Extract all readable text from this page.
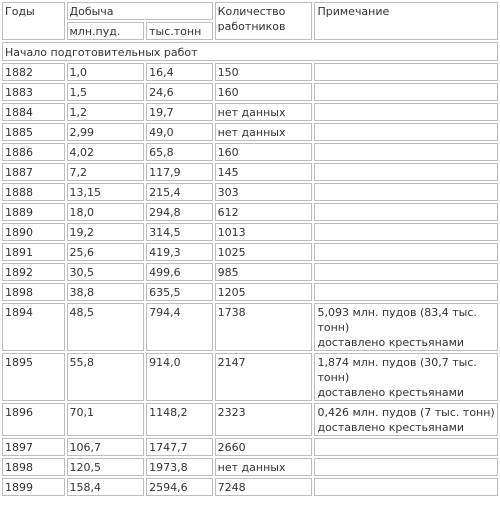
Годы	Добыча		Количество работников	Примечание
	млн.пуд.	тыс.тонн		
Начало подготовительных работ				
1882	1,0	16,4	150	
1883	1,5	24,6	160	
1884	1,2	19,7	нет данных	
1885	2,99	49,0	нет данных	
1886	4,02	65,8	160	
1887	7,2	117,9	145	
1888	13,15	215,4	303	
1889	18,0	294,8	612	
1890	19,2	314,5	1013	
1891	25,6	419,3	1025	
1892	30,5	499,6	985	
1898	38,8	635,5	1205	
1894	48,5	794,4	1738	5,093 млн. пудов (83,4 тыс. тонн)
доставлено крестьянами

1895	55,8	914,0	2147	1,874 млн. пудов (30,7 тыс. тонн)
доставлено крестьянами

1896	70,1	1148,2	2323	0,426 млн. пудов (7 тыс. тонн)
доставлено крестьянами

1897	106,7	1747,7	2660	
1898	120,5	1973,8	нет данных	
1899	158,4	2594,6	7248	
